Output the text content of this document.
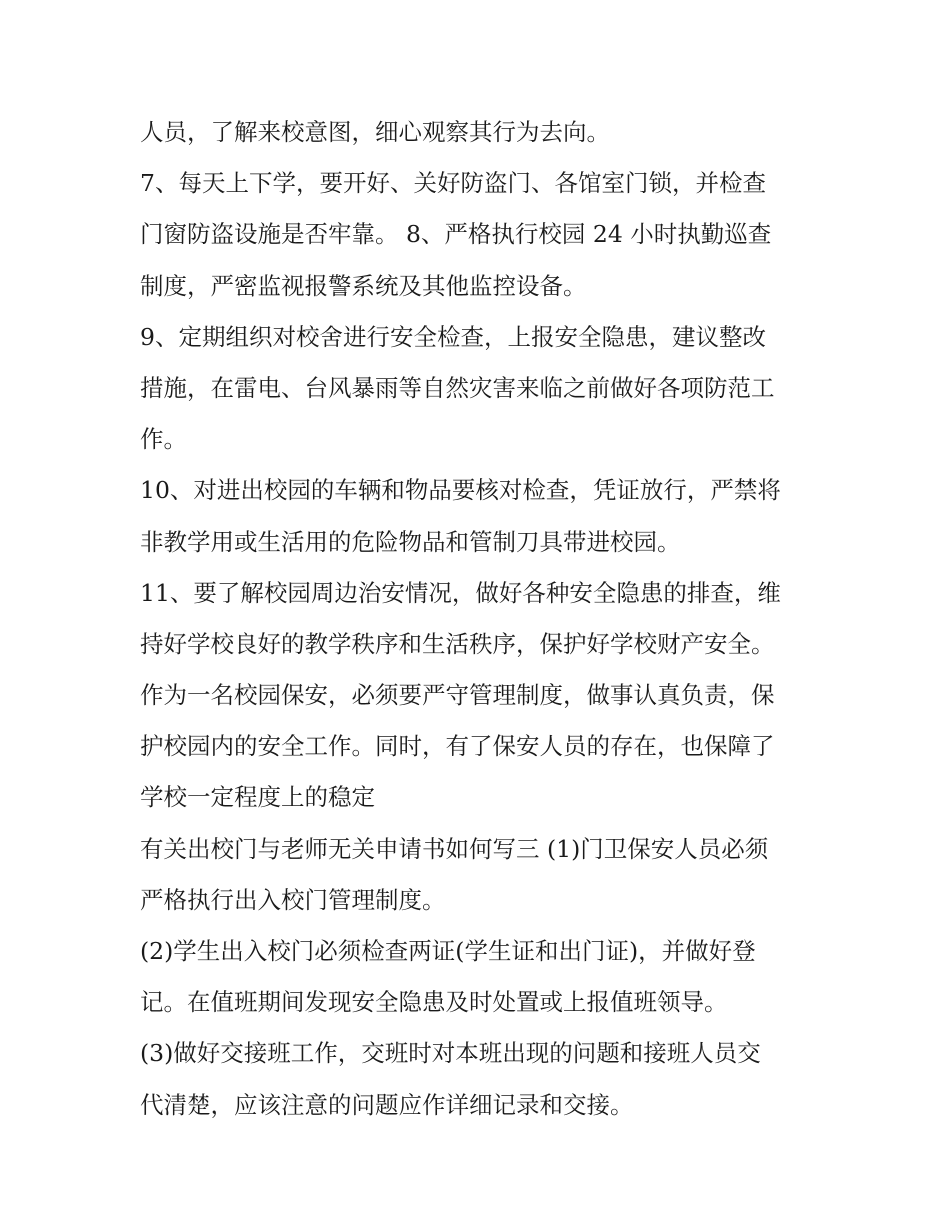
人员，了解来校意图，细心观察其行为去向。
7、每天上下学，要开好、关好防盗门、各馆室门锁，并检查
门窗防盗设施是否牢靠。 8、严格执行校园 24 小时执勤巡查
制度，严密监视报警系统及其他监控设备。
9、定期组织对校舍进行安全检查，上报安全隐患，建议整改
措施，在雷电、台风暴雨等自然灾害来临之前做好各项防范工
作。
10、对进出校园的车辆和物品要核对检查，凭证放行，严禁将
非教学用或生活用的危险物品和管制刀具带进校园。
11、要了解校园周边治安情况，做好各种安全隐患的排查，维
持好学校良好的教学秩序和生活秩序，保护好学校财产安全。
作为一名校园保安，必须要严守管理制度，做事认真负责，保
护校园内的安全工作。同时，有了保安人员的存在，也保障了
学校一定程度上的稳定
有关出校门与老师无关申请书如何写三 (1)门卫保安人员必须
严格执行出入校门管理制度。
(2)学生出入校门必须检查两证(学生证和出门证)，并做好登
记。在值班期间发现安全隐患及时处置或上报值班领导。
(3)做好交接班工作，交班时对本班出现的问题和接班人员交
代清楚，应该注意的问题应作详细记录和交接。
